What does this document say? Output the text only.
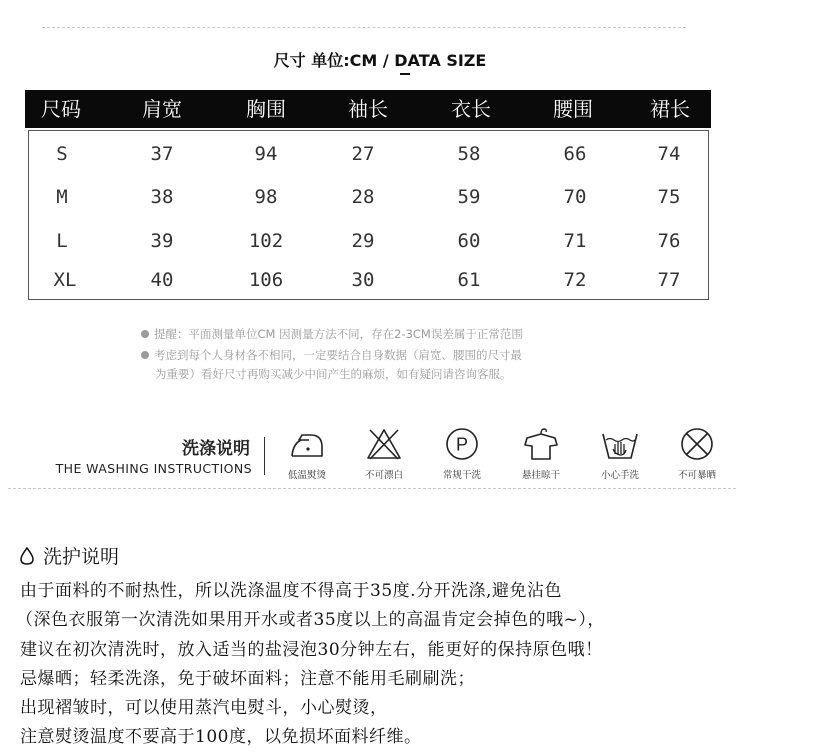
尺寸 单位:CM / DATA SIZE
尺码	肩宽	胸围	袖长	衣长	腰围	裙长
S	37	94	27	58	66	74
M	38	98	28	59	70	75
L	39	102	29	60	71	76
XL	40	106	30	61	72	77
提醒：平面测量单位CM 因测量方法不同，存在2-3CM误差属于正常范围
考虑到每个人身材各不相同，一定要结合自身数据（肩宽、腰围的尺寸最
为重要）看好尺寸再购买减少中间产生的麻烦，如有疑问请咨询客服。
洗涤说明
THE WASHING INSTRUCTIONS	低温熨烫	不可漂白
P
常规干洗	悬挂晾干	小心手洗	不可暴晒
洗护说明
由于面料的不耐热性，所以洗涤温度不得高于35度.分开洗涤,避免沾色
（深色衣服第一次清洗如果用开水或者35度以上的高温肯定会掉色的哦~），
建议在初次清洗时，放入适当的盐浸泡30分钟左右，能更好的保持原色哦！
忌爆晒；轻柔洗涤，免于破坏面料；注意不能用毛刷刷洗；
出现褶皱时，可以使用蒸汽电熨斗，小心熨烫，
注意熨烫温度不要高于100度，以免损坏面料纤维。
